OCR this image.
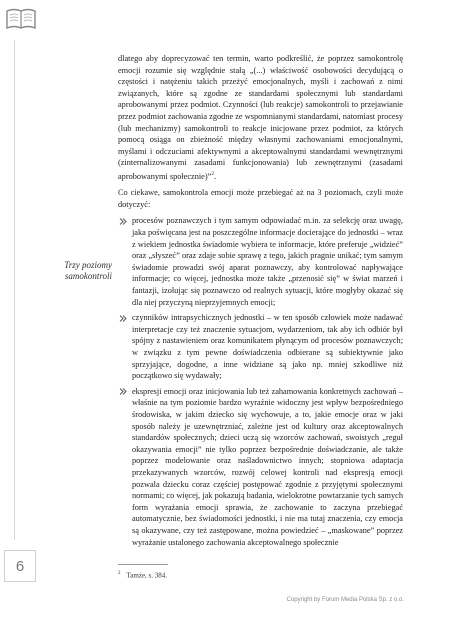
6
Trzy poziomy samokontroli

dlatego aby doprecyzować ten termin, warto podkreślić, że poprzez samokontrolę emocji rozumie się względnie stałą „(...) właściwość osobowości decydującą o częstości i natężeniu takich przeżyć emocjonalnych, myśli i zachowań z nimi związanych, które są zgodne ze standardami społecznymi lub standardami aprobowanymi przez podmiot. Czynności (lub reakcje) samokontroli to przejawianie przez podmiot zachowania zgodne ze wspomnianymi standardami, natomiast procesy (lub mechanizmy) samokontroli to reakcje inicjowane przez podmiot, za których pomocą osiąga on zbieżność między własnymi zachowaniami emocjonalnymi, myślami i odczuciami afektywnymi a akceptowalnymi standardami wewnętrznymi (zinternalizowanymi zasadami funkcjonowania) lub zewnętrznymi (zasadami aprobowanymi społecznie)”$^2$.

Co ciekawe, samokontrola emocji może przebiegać aż na 3 poziomach, czyli może dotyczyć:

procesów poznawczych i tym samym odpowiadać m.in. za selekcję oraz uwagę, jaka poświęcana jest na poszczególne informacje docierające do jednostki – wraz z wiekiem jednostka świadomie wybiera te informacje, które preferuje „widzieć” oraz „słyszeć” oraz zdaje sobie sprawę z tego, jakich pragnie unikać; tym samym świadomie prowadzi swój aparat poznawczy, aby kontrolować napływające informacje; co więcej, jednostka może także „przenosić się” w świat marzeń i fantazji, izolując się poznawczo od realnych sytuacji, które mogłyby okazać się dla niej przyczyną nieprzyjemnych emocji;
czynników intrapsychicznych jednostki – w ten sposób człowiek może nadawać interpretacje czy też znaczenie sytuacjom, wydarzeniom, tak aby ich odbiór był spójny z nastawieniem oraz komunikatem płynącym od procesów poznawczych; w związku z tym pewne doświadczenia odbierane są subiektywnie jako sprzyjające, dogodne, a inne widziane są jako np. mniej szkodliwe niż początkowo się wydawały;
ekspresji emocji oraz inicjowania lub też zahamowania konkretnych zachowań – właśnie na tym poziomie bardzo wyraźnie widoczny jest wpływ bezpośredniego środowiska, w jakim dziecko się wychowuje, a to, jakie emocje oraz w jaki sposób należy je uzewnętrzniać, zależne jest od kultury oraz akceptowalnych standardów społecznych; dzieci uczą się wzorców zachowań, swoistych „reguł okazywania emocji” nie tylko poprzez bezpośrednie doświadczanie, ale także poprzez modelowanie oraz naśladownictwo innych; stopniowa adaptacja przekazywanych wzorców, rozwój celowej kontroli nad ekspresją emocji pozwala dziecku coraz częściej postępować zgodnie z przyjętymi społecznymi normami; co więcej, jak pokazują badania, wielokrotne powtarzanie tych samych form wyrażania emocji sprawia, że zachowanie to zaczyna przebiegać automatycznie, bez świadomości jednostki, i nie ma tutaj znaczenia, czy emocja są okazywane, czy też zastępowane, można powiedzieć – „maskowane” poprzez wyrażanie ustalonego zachowania akceptowalnego społecznie
$^2$ Tamże, s. 384.
Copyright by Forum Media Polska Sp. z o.o.
